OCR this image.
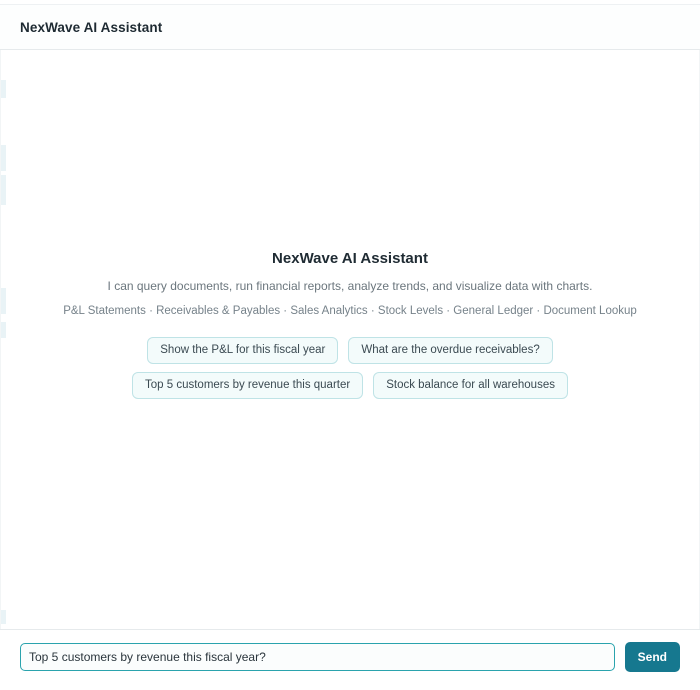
NexWave AI Assistant
NexWave AI Assistant
I can query documents, run financial reports, analyze trends, and visualize data with charts.
P&L Statements · Receivables & Payables · Sales Analytics · Stock Levels · General Ledger · Document Lookup
Show the P&L for this fiscal year	What are the overdue receivables?
Top 5 customers by revenue this quarter	Stock balance for all warehouses
Top 5 customers by revenue this fiscal year?
Send
